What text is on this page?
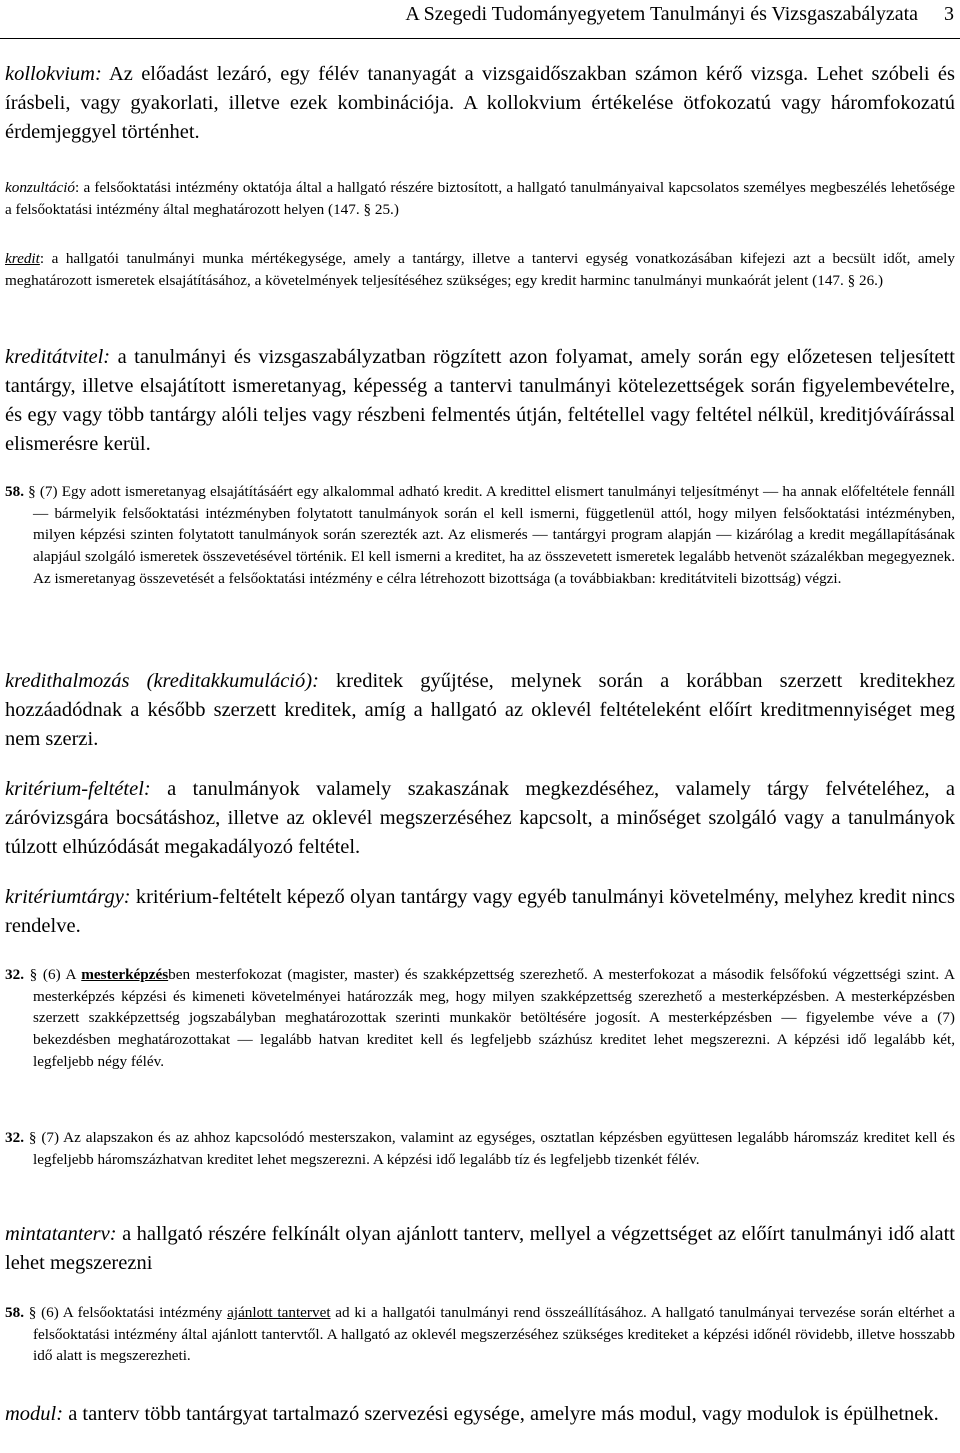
A Szegedi Tudományegyetem Tanulmányi és Vizsgaszabályzata 3

kollokvium: Az előadást lezáró, egy félév tananyagát a vizsgaidőszakban számon kérő vizsga. Lehet szóbeli és írásbeli, vagy gyakorlati, illetve ezek kombinációja. A kollokvium értékelése ötfokozatú vagy háromfokozatú érdemjeggyel történhet.

konzultáció: a felsőoktatási intézmény oktatója által a hallgató részére biztosított, a hallgató tanulmányaival kapcsolatos személyes megbeszélés lehetősége a felsőoktatási intézmény által meghatározott helyen (147. § 25.)

kredit: a hallgatói tanulmányi munka mértékegysége, amely a tantárgy, illetve a tantervi egység vonatkozásában kifejezi azt a becsült időt, amely meghatározott ismeretek elsajátításához, a követelmények teljesítéséhez szükséges; egy kredit harminc tanulmányi munkaórát jelent (147. § 26.)

kreditátvitel: a tanulmányi és vizsgaszabályzatban rögzített azon folyamat, amely során egy előzetesen teljesített tantárgy, illetve elsajátított ismeretanyag, képesség a tantervi tanulmányi kötelezettségek során figyelembevételre, és egy vagy több tantárgy alóli teljes vagy részbeni felmentés útján, feltétellel vagy feltétel nélkül, kreditjóváírással elismerésre kerül.

58. § (7) Egy adott ismeretanyag elsajátításáért egy alkalommal adható kredit. A kredittel elismert tanulmányi teljesítményt — ha annak előfeltétele fennáll — bármelyik felsőoktatási intézményben folytatott tanulmányok során el kell ismerni, függetlenül attól, hogy milyen felsőoktatási intézményben, milyen képzési szinten folytatott tanulmányok során szerezték azt. Az elismerés — tantárgyi program alapján — kizárólag a kredit megállapításának alapjául szolgáló ismeretek összevetésével történik. El kell ismerni a kreditet, ha az összevetett ismeretek legalább hetvenöt százalékban megegyeznek. Az ismeretanyag összevetését a felsőoktatási intézmény e célra létrehozott bizottsága (a továbbiakban: kreditátviteli bizottság) végzi.

kredithalmozás (kreditakkumuláció): kreditek gyűjtése, melynek során a korábban szerzett kreditekhez hozzáadódnak a később szerzett kreditek, amíg a hallgató az oklevél feltételeként előírt kreditmennyiséget meg nem szerzi.

kritérium-feltétel: a tanulmányok valamely szakaszának megkezdéséhez, valamely tárgy felvételéhez, a záróvizsgára bocsátáshoz, illetve az oklevél megszerzéséhez kapcsolt, a minőséget szolgáló vagy a tanulmányok túlzott elhúzódását megakadályozó feltétel.

kritériumtárgy: kritérium-feltételt képező olyan tantárgy vagy egyéb tanulmányi követelmény, melyhez kredit nincs rendelve.

32. § (6) A mesterképzésben mesterfokozat (magister, master) és szakképzettség szerezhető. A mesterfokozat a második felsőfokú végzettségi szint. A mesterképzés képzési és kimeneti követelményei határozzák meg, hogy milyen szakképzettség szerezhető a mesterképzésben. A mesterképzésben szerzett szakképzettség jogszabályban meghatározottak szerinti munkakör betöltésére jogosít. A mesterképzésben — figyelembe véve a (7) bekezdésben meghatározottakat — legalább hatvan kreditet kell és legfeljebb százhúsz kreditet lehet megszerezni. A képzési idő legalább két, legfeljebb négy félév.

32. § (7) Az alapszakon és az ahhoz kapcsolódó mesterszakon, valamint az egységes, osztatlan képzésben együttesen legalább háromszáz kreditet kell és legfeljebb háromszázhatvan kreditet lehet megszerezni. A képzési idő legalább tíz és legfeljebb tizenkét félév.

mintatanterv: a hallgató részére felkínált olyan ajánlott tanterv, mellyel a végzettséget az előírt tanulmányi idő alatt lehet megszerezni

58. § (6) A felsőoktatási intézmény ajánlott tantervet ad ki a hallgatói tanulmányi rend összeállításához. A hallgató tanulmányai tervezése során eltérhet a felsőoktatási intézmény által ajánlott tantervtől. A hallgató az oklevél megszerzéséhez szükséges krediteket a képzési időnél rövidebb, illetve hosszabb idő alatt is megszerezheti.

modul: a tanterv több tantárgyat tartalmazó szervezési egysége, amelyre más modul, vagy modulok is épülhetnek.
